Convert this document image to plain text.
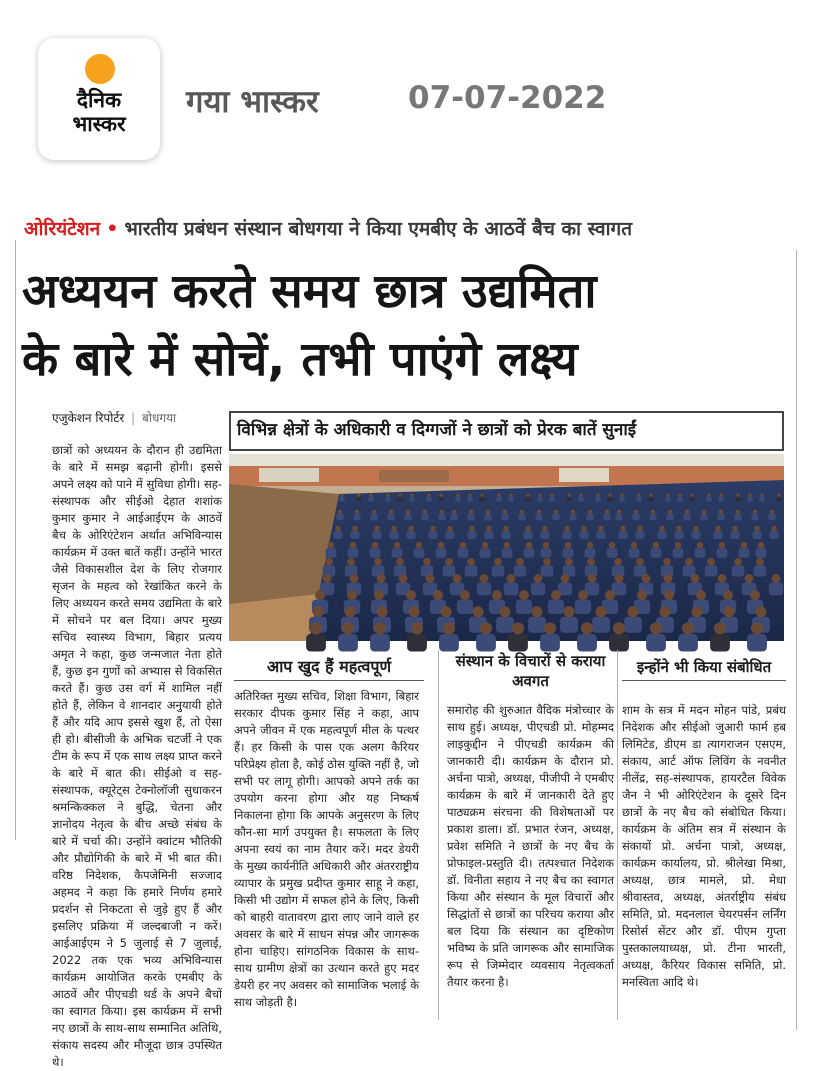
दैनिक
भास्कर
गया भास्कर	07-07-2022
ओरियंटेशन • भारतीय प्रबंधन संस्थान बोधगया ने किया एमबीए के आठवें बैच का स्वागत
अध्ययन करते समय छात्र उद्यमिता
के बारे में सोचें, तभी पाएंगे लक्ष्य
एजुकेशन रिपोर्टर | बोधगया
विभिन्न क्षेत्रों के अधिकारी व दिग्गजों ने छात्रों को प्रेरक बातें सुनाईं
छात्रों को अध्ययन के दौरान ही उद्यमिता के बारे में समझ बढ़ानी होगी। इससे अपने लक्ष्य को पाने में सुविधा होगी। सह-संस्थापक और सीईओ देहात शशांक कुमार कुमार ने आईआईएम के आठवें बैच के ओरिएंटेशन अर्थात अभिविन्यास कार्यक्रम में उक्त बातें कहीं। उन्होंने भारत जैसे विकासशील देश के लिए रोजगार सृजन के महत्व को रेखांकित करने के लिए अध्ययन करते समय उद्यमिता के बारे में सोचने पर बल दिया। अपर मुख्य सचिव स्वास्थ्य विभाग, बिहार प्रत्यय अमृत ने कहा, कुछ जन्मजात नेता होते हैं, कुछ इन गुणों को अभ्यास से विकसित करते हैं। कुछ उस वर्ग में शामिल नहीं होते हैं, लेकिन वे शानदार अनुयायी होते हैं और यदि आप इससे खुश हैं, तो ऐसा ही हो। बीसीजी के अभिक चटर्जी ने एक टीम के रूप में एक साथ लक्ष्य प्राप्त करने के बारे में बात की। सीईओ व सह-संस्थापक, क्यूरेट्स टेक्नोलॉजी सुधाकरन श्रमन्किक्कल ने बुद्धि, चेतना और ज्ञानोदय नेतृत्व के बीच अच्छे संबंध के बारे में चर्चा की। उन्होंने क्वांटम भौतिकी और प्रौद्योगिकी के बारे में भी बात की। वरिष्ठ निदेशक, कैपजेमिनी सज्जाद अहमद ने कहा कि हमारे निर्णय हमारे प्रदर्शन से निकटता से जुड़े हुए हैं और इसलिए प्रक्रिया में जल्दबाजी न करें। आईआईएम ने 5 जुलाई से 7 जुलाई, 2022 तक एक भव्य अभिविन्यास कार्यक्रम आयोजित करके एमबीए के आठवें और पीएचडी थर्ड के अपने बैचों का स्वागत किया। इस कार्यक्रम में सभी नए छात्रों के साथ-साथ सम्मानित अतिथि, संकाय सदस्य और मौजूदा छात्र उपस्थित थे।
आप खुद हैं महत्वपूर्ण
अतिरिक्त मुख्य सचिव, शिक्षा विभाग, बिहार सरकार दीपक कुमार सिंह ने कहा, आप अपने जीवन में एक महत्वपूर्ण मील के पत्थर हैं। हर किसी के पास एक अलग कैरियर परिप्रेक्ष्य होता है, कोई ठोस युक्ति नहीं है, जो सभी पर लागू होगी। आपको अपने तर्क का उपयोग करना होगा और यह निष्कर्ष निकालना होगा कि आपके अनुसरण के लिए कौन-सा मार्ग उपयुक्त है। सफलता के लिए अपना स्वयं का नाम तैयार करें। मदर डेयरी के मुख्य कार्यनीति अधिकारी और अंतरराष्ट्रीय व्यापार के प्रमुख प्रदीप्त कुमार साहू ने कहा, किसी भी उद्योग में सफल होने के लिए, किसी को बाहरी वातावरण द्वारा लाए जाने वाले हर अवसर के बारे में साधन संपन्न और जागरूक होना चाहिए। सांगठनिक विकास के साथ-साथ ग्रामीण क्षेत्रों का उत्थान करते हुए मदर डेयरी हर नए अवसर को सामाजिक भलाई के साथ जोड़ती है।
संस्थान के विचारों से कराया अवगत
समारोह की शुरुआत वैदिक मंत्रोच्चार के साथ हुई। अध्यक्ष, पीएचडी प्रो. मोहम्मद लाइकुद्दीन ने पीएचडी कार्यक्रम की जानकारी दी। कार्यक्रम के दौरान प्रो. अर्चना पात्रो, अध्यक्ष, पीजीपी ने एमबीए कार्यक्रम के बारे में जानकारी देते हुए पाठ्यक्रम संरचना की विशेषताओं पर प्रकाश डाला। डॉ. प्रभात रंजन, अध्यक्ष, प्रवेश समिति ने छात्रों के नए बैच के प्रोफाइल-प्रस्तुति दी। तत्पश्चात निदेशक डॉ. विनीता सहाय ने नए बैच का स्वागत किया और संस्थान के मूल विचारों और सिद्धांतों से छात्रों का परिचय कराया और बल दिया कि संस्थान का दृष्टिकोण भविष्य के प्रति जागरूक और सामाजिक रूप से जिम्मेदार व्यवसाय नेतृत्वकर्ता तैयार करना है।
इन्होंने भी किया संबोधित
शाम के सत्र में मदन मोहन पांडे, प्रबंध निदेशक और सीईओ जुआरी फार्म हब लिमिटेड, डीएम डा त्यागराजन एसएम, संकाय, आर्ट ऑफ लिविंग के नवनीत नीलेंद्र, सह-संस्थापक, हायरटैल विवेक जैन ने भी ओरिएंटेशन के दूसरे दिन छात्रों के नए बैच को संबोधित किया। कार्यक्रम के अंतिम सत्र में संस्थान के संकायों प्रो. अर्चना पात्रो, अध्यक्ष, कार्यक्रम कार्यालय, प्रो. श्रीलेखा मिश्रा, अध्यक्ष, छात्र मामले, प्रो. मेधा श्रीवास्तव, अध्यक्ष, अंतर्राष्ट्रीय संबंध समिति, प्रो. मदनलाल चेयरपर्सन लर्निंग रिसोर्स सेंटर और डॉ. पीएम गुप्ता पुस्तकालयाध्यक्ष, प्रो. टीना भारती, अध्यक्ष, कैरियर विकास समिति, प्रो. मनस्विता आदि थे।
